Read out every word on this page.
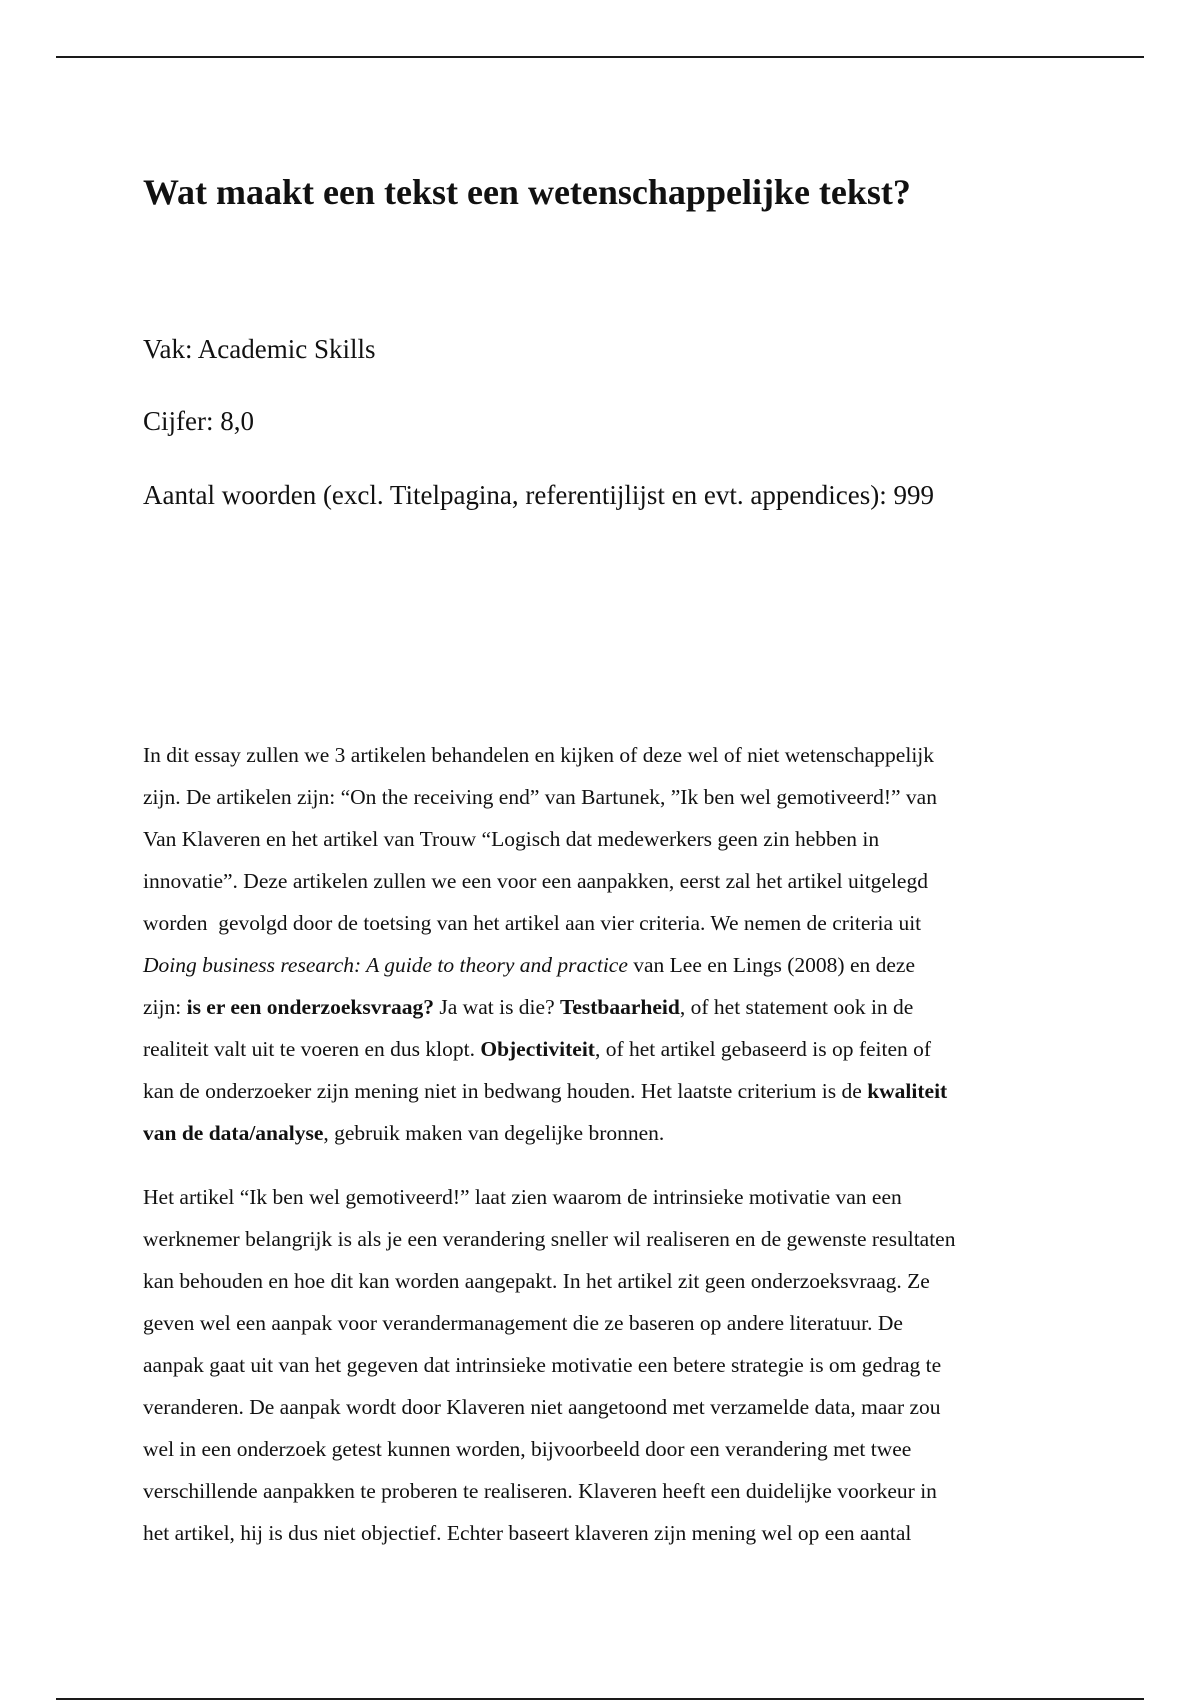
Wat maakt een tekst een wetenschappelijke tekst?

Vak: Academic Skills

Cijfer: 8,0

Aantal woorden (excl. Titelpagina, referentijlijst en evt. appendices): 999

In dit essay zullen we 3 artikelen behandelen en kijken of deze wel of niet wetenschappelijk
zijn. De artikelen zijn: “On the receiving end” van Bartunek, ”Ik ben wel gemotiveerd!” van
Van Klaveren en het artikel van Trouw “Logisch dat medewerkers geen zin hebben in
innovatie”. Deze artikelen zullen we een voor een aanpakken, eerst zal het artikel uitgelegd
worden  gevolgd door de toetsing van het artikel aan vier criteria. We nemen de criteria uit
Doing business research: A guide to theory and practice van Lee en Lings (2008) en deze
zijn: is er een onderzoeksvraag? Ja wat is die? Testbaarheid, of het statement ook in de
realiteit valt uit te voeren en dus klopt. Objectiviteit, of het artikel gebaseerd is op feiten of
kan de onderzoeker zijn mening niet in bedwang houden. Het laatste criterium is de kwaliteit
van de data/analyse, gebruik maken van degelijke bronnen.
Het artikel “Ik ben wel gemotiveerd!” laat zien waarom de intrinsieke motivatie van een
werknemer belangrijk is als je een verandering sneller wil realiseren en de gewenste resultaten
kan behouden en hoe dit kan worden aangepakt. In het artikel zit geen onderzoeksvraag. Ze
geven wel een aanpak voor verandermanagement die ze baseren op andere literatuur. De
aanpak gaat uit van het gegeven dat intrinsieke motivatie een betere strategie is om gedrag te
veranderen. De aanpak wordt door Klaveren niet aangetoond met verzamelde data, maar zou
wel in een onderzoek getest kunnen worden, bijvoorbeeld door een verandering met twee
verschillende aanpakken te proberen te realiseren. Klaveren heeft een duidelijke voorkeur in
het artikel, hij is dus niet objectief. Echter baseert klaveren zijn mening wel op een aantal
